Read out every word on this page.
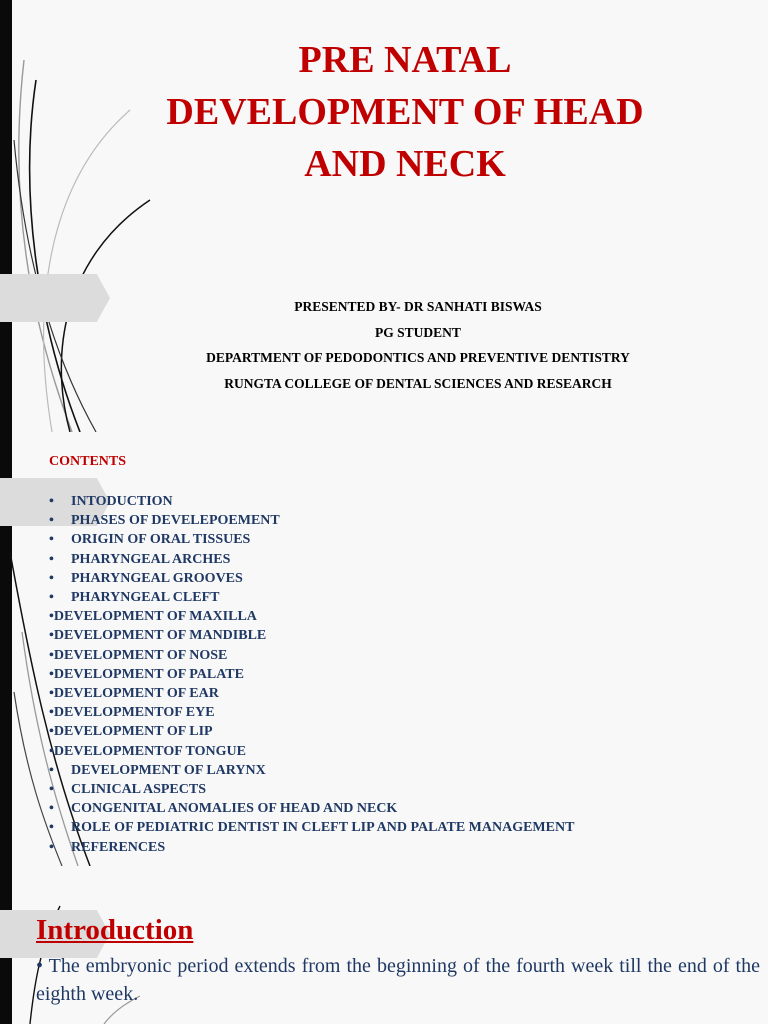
PRE NATAL
DEVELOPMENT OF HEAD
AND NECK
PRESENTED BY- DR SANHATI BISWAS
PG STUDENT
DEPARTMENT OF PEDODONTICS AND PREVENTIVE DENTISTRY
RUNGTA COLLEGE OF DENTAL SCIENCES AND RESEARCH
CONTENTS
• INTODUCTION
• PHASES OF DEVELEPOEMENT
• ORIGIN OF ORAL TISSUES
• PHARYNGEAL ARCHES
• PHARYNGEAL GROOVES
• PHARYNGEAL CLEFT
•DEVELOPMENT OF MAXILLA
•DEVELOPMENT OF MANDIBLE
•DEVELOPMENT OF NOSE
•DEVELOPMENT OF PALATE
•DEVELOPMENT OF EAR
•DEVELOPMENTOF EYE
•DEVELOPMENT OF LIP
•DEVELOPMENTOF TONGUE
• DEVELOPMENT OF LARYNX
• CLINICAL ASPECTS
• CONGENITAL ANOMALIES OF HEAD AND NECK
• ROLE OF PEDIATRIC DENTIST IN CLEFT LIP AND PALATE MANAGEMENT
• REFERENCES
Introduction

• The embryonic period extends from the beginning of the fourth week till the end of the eighth week.
